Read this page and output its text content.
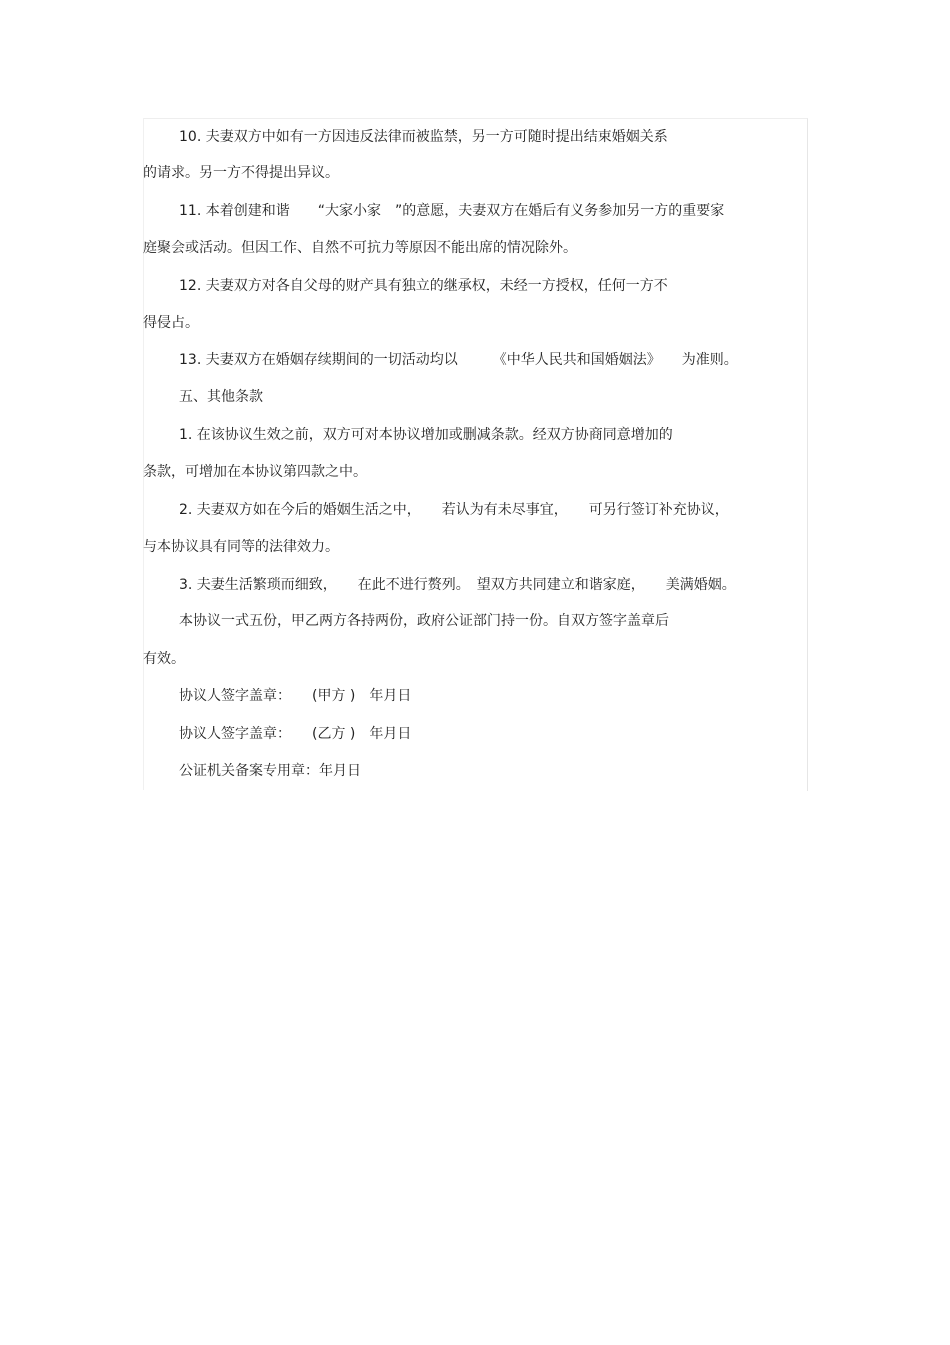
10. 夫妻双方中如有一方因违反法律而被监禁，另一方可随时提出结束婚姻关系
的请求。另一方不得提出异议。
11. 本着创建和谐　　“大家小家　”的意愿，夫妻双方在婚后有义务参加另一方的重要家
庭聚会或活动。但因工作、自然不可抗力等原因不能出席的情况除外。
12. 夫妻双方对各自父母的财产具有独立的继承权，未经一方授权，任何一方不
得侵占。
13. 夫妻双方在婚姻存续期间的一切活动均以　　　《中华人民共和国婚姻法》　　为准则。
五、其他条款
1. 在该协议生效之前，双方可对本协议增加或删减条款。经双方协商同意增加的
条款，可增加在本协议第四款之中。
2. 夫妻双方如在今后的婚姻生活之中，　　若认为有未尽事宜，　　可另行签订补充协议，
与本协议具有同等的法律效力。
3. 夫妻生活繁琐而细致，　　在此不进行赘列。　望双方共同建立和谐家庭，　　美满婚姻。
本协议一式五份，甲乙两方各持两份，政府公证部门持一份。自双方签字盖章后
有效。
协议人签字盖章：　　(甲方 )　年月日
协议人签字盖章：　　(乙方 )　年月日
公证机关备案专用章：年月日
